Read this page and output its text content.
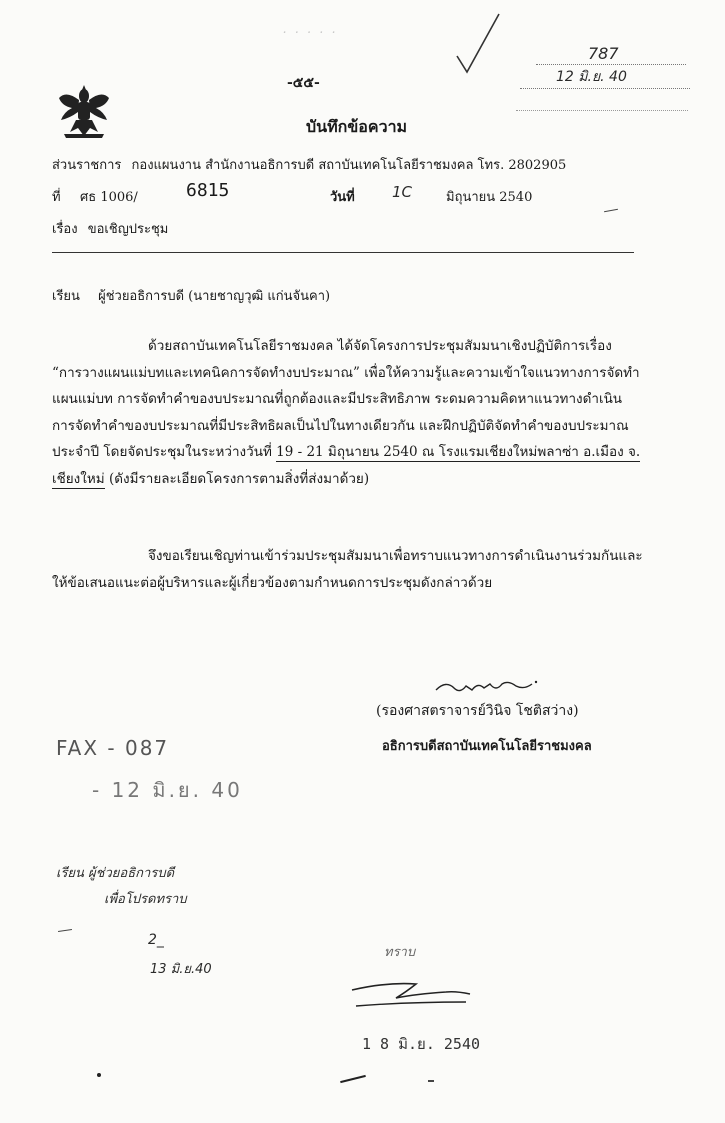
. . . . .
787
12 มิ.ย. 40
-๕๕-
บันทึกข้อความ
ส่วนราชการ กองแผนงาน สำนักงานอธิการบดี สถาบันเทคโนโลยีราชมงคล โทร. 2802905
ที่ ศธ 1006/	6815	วันที่ 1C	มิถุนายน 2540
เรื่อง ขอเชิญประชุม
เรียน ผู้ช่วยอธิการบดี (นายชาญวุฒิ แก่นจันคา)
ด้วยสถาบันเทคโนโลยีราชมงคล ได้จัดโครงการประชุมสัมมนาเชิงปฏิบัติการเรื่อง
“การวางแผนแม่บทและเทคนิคการจัดทำงบประมาณ” เพื่อให้ความรู้และความเข้าใจแนวทางการจัดทำ
แผนแม่บท การจัดทำคำของบประมาณที่ถูกต้องและมีประสิทธิภาพ ระดมความคิดหาแนวทางดำเนิน
การจัดทำคำของบประมาณที่มีประสิทธิผลเป็นไปในทางเดียวกัน และฝึกปฏิบัติจัดทำคำของบประมาณ
ประจำปี โดยจัดประชุมในระหว่างวันที่ 19 - 21 มิถุนายน 2540 ณ โรงแรมเชียงใหม่พลาซ่า อ.เมือง จ.
เชียงใหม่ (ดังมีรายละเอียดโครงการตามสิ่งที่ส่งมาด้วย)
จึงขอเรียนเชิญท่านเข้าร่วมประชุมสัมมนาเพื่อทราบแนวทางการดำเนินงานร่วมกันและ
ให้ข้อเสนอแนะต่อผู้บริหารและผู้เกี่ยวข้องตามกำหนดการประชุมดังกล่าวด้วย
(รองศาสตราจารย์วินิจ โชติสว่าง)
อธิการบดีสถาบันเทคโนโลยีราชมงคล
FAX - 087
- 12 มิ.ย. 40
เรียน ผู้ช่วยอธิการบดี
เพื่อโปรดทราบ
2_
13 มิ.ย.40
ทราบ
1 8 มิ.ย. 2540
